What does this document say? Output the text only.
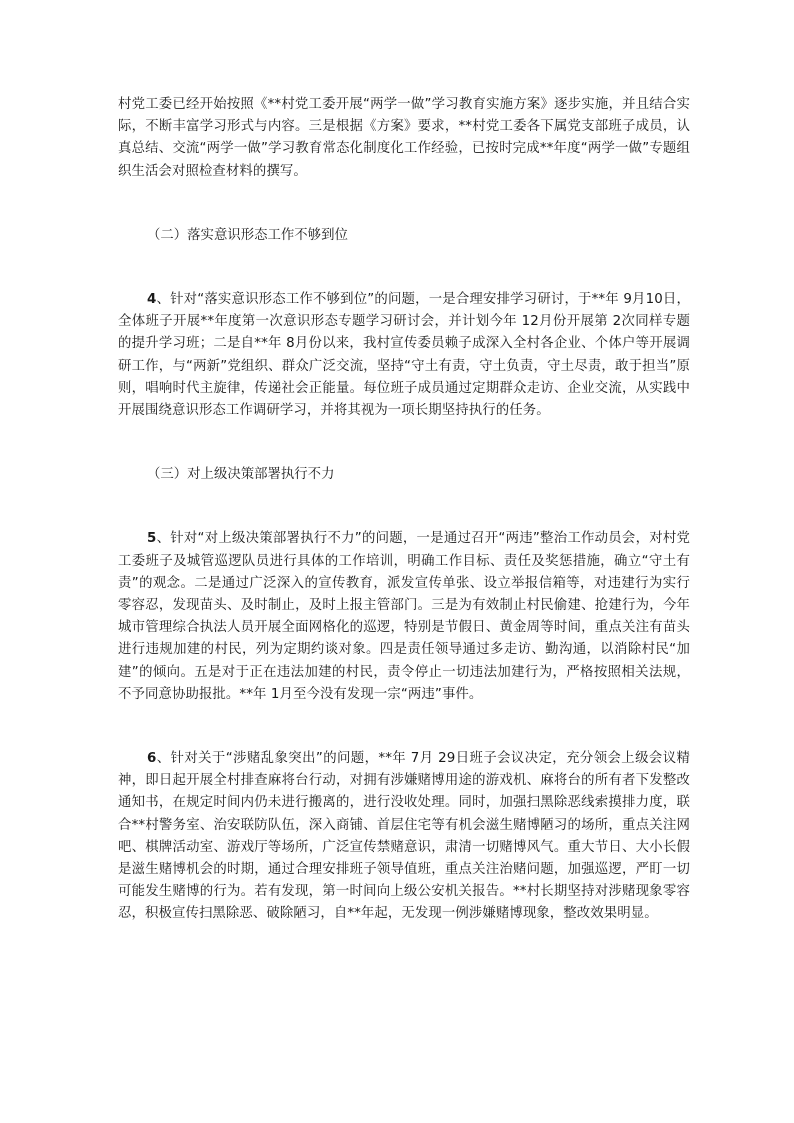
村党工委已经开始按照《**村党工委开展“两学一做”学习教育实施方案》逐步实施，并且结合实际，不断丰富学习形式与内容。三是根据《方案》要求，**村党工委各下属党支部班子成员，认真总结、交流“两学一做”学习教育常态化制度化工作经验，已按时完成**年度“两学一做”专题组织生活会对照检查材料的撰写。

（二）落实意识形态工作不够到位

4、针对“落实意识形态工作不够到位”的问题，一是合理安排学习研讨，于**年 9月10日，全体班子开展**年度第一次意识形态专题学习研讨会，并计划今年 12月份开展第 2次同样专题的提升学习班；二是自**年 8月份以来，我村宣传委员赖子成深入全村各企业、个体户等开展调研工作，与“两新”党组织、群众广泛交流，坚持“守土有责，守土负责，守土尽责，敢于担当”原则，唱响时代主旋律，传递社会正能量。每位班子成员通过定期群众走访、企业交流，从实践中开展围绕意识形态工作调研学习，并将其视为一项长期坚持执行的任务。

（三）对上级决策部署执行不力

5、针对“对上级决策部署执行不力”的问题，一是通过召开“两违”整治工作动员会，对村党工委班子及城管巡逻队员进行具体的工作培训，明确工作目标、责任及奖惩措施，确立“守土有责”的观念。二是通过广泛深入的宣传教育，派发宣传单张、设立举报信箱等，对违建行为实行零容忍，发现苗头、及时制止，及时上报主管部门。三是为有效制止村民偷建、抢建行为，今年城市管理综合执法人员开展全面网格化的巡逻，特别是节假日、黄金周等时间，重点关注有苗头进行违规加建的村民，列为定期约谈对象。四是责任领导通过多走访、勤沟通，以消除村民“加建”的倾向。五是对于正在违法加建的村民，责令停止一切违法加建行为，严格按照相关法规，不予同意协助报批。**年 1月至今没有发现一宗“两违”事件。

6、针对关于“涉赌乱象突出”的问题，**年 7月 29日班子会议决定，充分领会上级会议精神，即日起开展全村排查麻将台行动，对拥有涉嫌赌博用途的游戏机、麻将台的所有者下发整改通知书，在规定时间内仍未进行搬离的，进行没收处理。同时，加强扫黑除恶线索摸排力度，联合**村警务室、治安联防队伍，深入商铺、首层住宅等有机会滋生赌博陋习的场所，重点关注网吧、棋牌活动室、游戏厅等场所，广泛宣传禁赌意识，肃清一切赌博风气。重大节日、大小长假是滋生赌博机会的时期，通过合理安排班子领导值班，重点关注治赌问题，加强巡逻，严盯一切可能发生赌博的行为。若有发现，第一时间向上级公安机关报告。**村长期坚持对涉赌现象零容忍，积极宣传扫黑除恶、破除陋习，自**年起，无发现一例涉嫌赌博现象，整改效果明显。
